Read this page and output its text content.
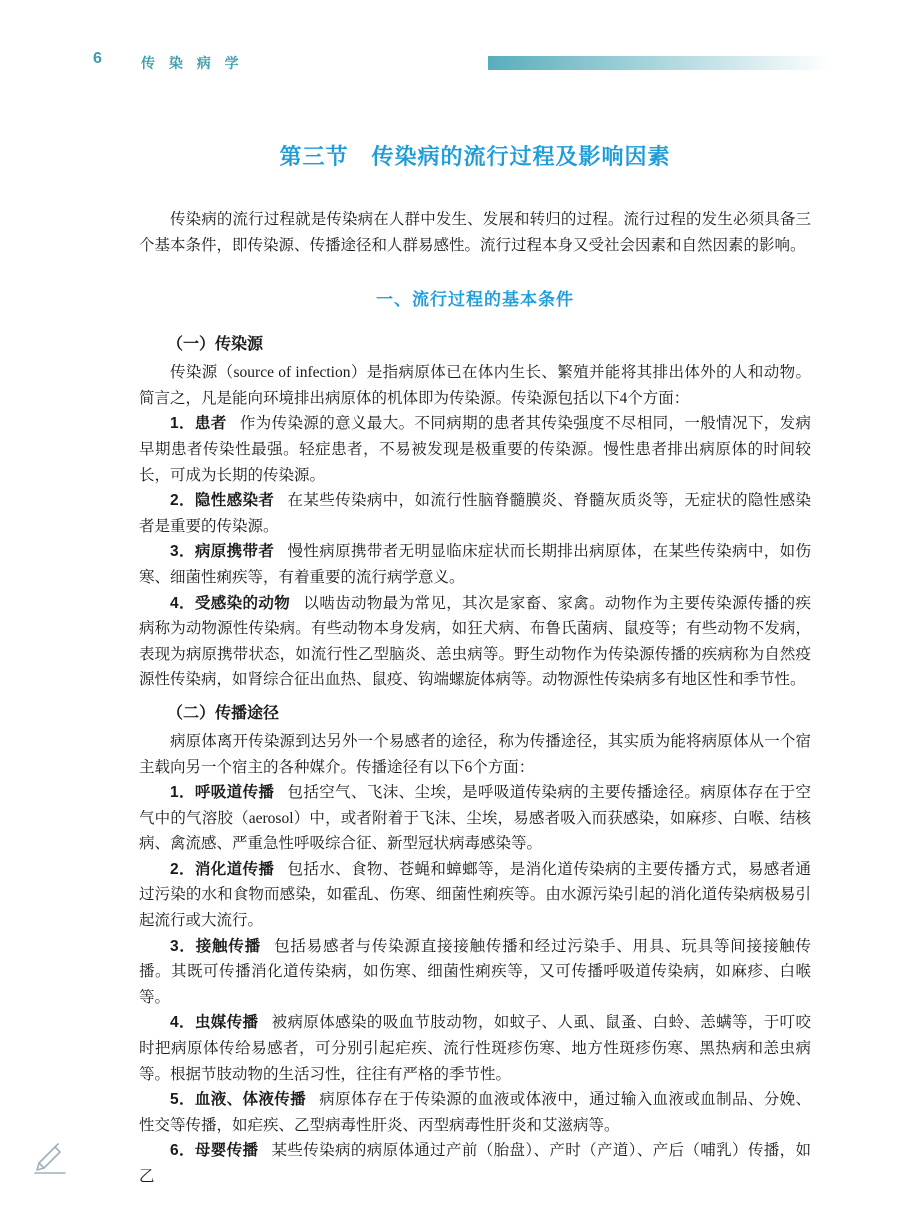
6	传 染 病 学
第三节　传染病的流行过程及影响因素

传染病的流行过程就是传染病在人群中发生、发展和转归的过程。流行过程的发生必须具备三个基本条件，即传染源、传播途径和人群易感性。流行过程本身又受社会因素和自然因素的影响。

一、流行过程的基本条件
（一）传染源

传染源（source of infection）是指病原体已在体内生长、繁殖并能将其排出体外的人和动物。简言之，凡是能向环境排出病原体的机体即为传染源。传染源包括以下4个方面：

1．患者 作为传染源的意义最大。不同病期的患者其传染强度不尽相同，一般情况下，发病早期患者传染性最强。轻症患者，不易被发现是极重要的传染源。慢性患者排出病原体的时间较长，可成为长期的传染源。

2．隐性感染者 在某些传染病中，如流行性脑脊髓膜炎、脊髓灰质炎等，无症状的隐性感染者是重要的传染源。

3．病原携带者 慢性病原携带者无明显临床症状而长期排出病原体，在某些传染病中，如伤寒、细菌性痢疾等，有着重要的流行病学意义。

4．受感染的动物 以啮齿动物最为常见，其次是家畜、家禽。动物作为主要传染源传播的疾病称为动物源性传染病。有些动物本身发病，如狂犬病、布鲁氏菌病、鼠疫等；有些动物不发病，表现为病原携带状态，如流行性乙型脑炎、恙虫病等。野生动物作为传染源传播的疾病称为自然疫源性传染病，如肾综合征出血热、鼠疫、钩端螺旋体病等。动物源性传染病多有地区性和季节性。

（二）传播途径

病原体离开传染源到达另外一个易感者的途径，称为传播途径，其实质为能将病原体从一个宿主载向另一个宿主的各种媒介。传播途径有以下6个方面：

1．呼吸道传播 包括空气、飞沫、尘埃，是呼吸道传染病的主要传播途径。病原体存在于空气中的气溶胶（aerosol）中，或者附着于飞沫、尘埃，易感者吸入而获感染，如麻疹、白喉、结核病、禽流感、严重急性呼吸综合征、新型冠状病毒感染等。

2．消化道传播 包括水、食物、苍蝇和蟑螂等，是消化道传染病的主要传播方式，易感者通过污染的水和食物而感染，如霍乱、伤寒、细菌性痢疾等。由水源污染引起的消化道传染病极易引起流行或大流行。

3．接触传播 包括易感者与传染源直接接触传播和经过污染手、用具、玩具等间接接触传播。其既可传播消化道传染病，如伤寒、细菌性痢疾等，又可传播呼吸道传染病，如麻疹、白喉等。

4．虫媒传播 被病原体感染的吸血节肢动物，如蚊子、人虱、鼠蚤、白蛉、恙螨等，于叮咬时把病原体传给易感者，可分别引起疟疾、流行性斑疹伤寒、地方性斑疹伤寒、黑热病和恙虫病等。根据节肢动物的生活习性，往往有严格的季节性。

5．血液、体液传播 病原体存在于传染源的血液或体液中，通过输入血液或血制品、分娩、性交等传播，如疟疾、乙型病毒性肝炎、丙型病毒性肝炎和艾滋病等。

6．母婴传播 某些传染病的病原体通过产前（胎盘）、产时（产道）、产后（哺乳）传播，如乙
